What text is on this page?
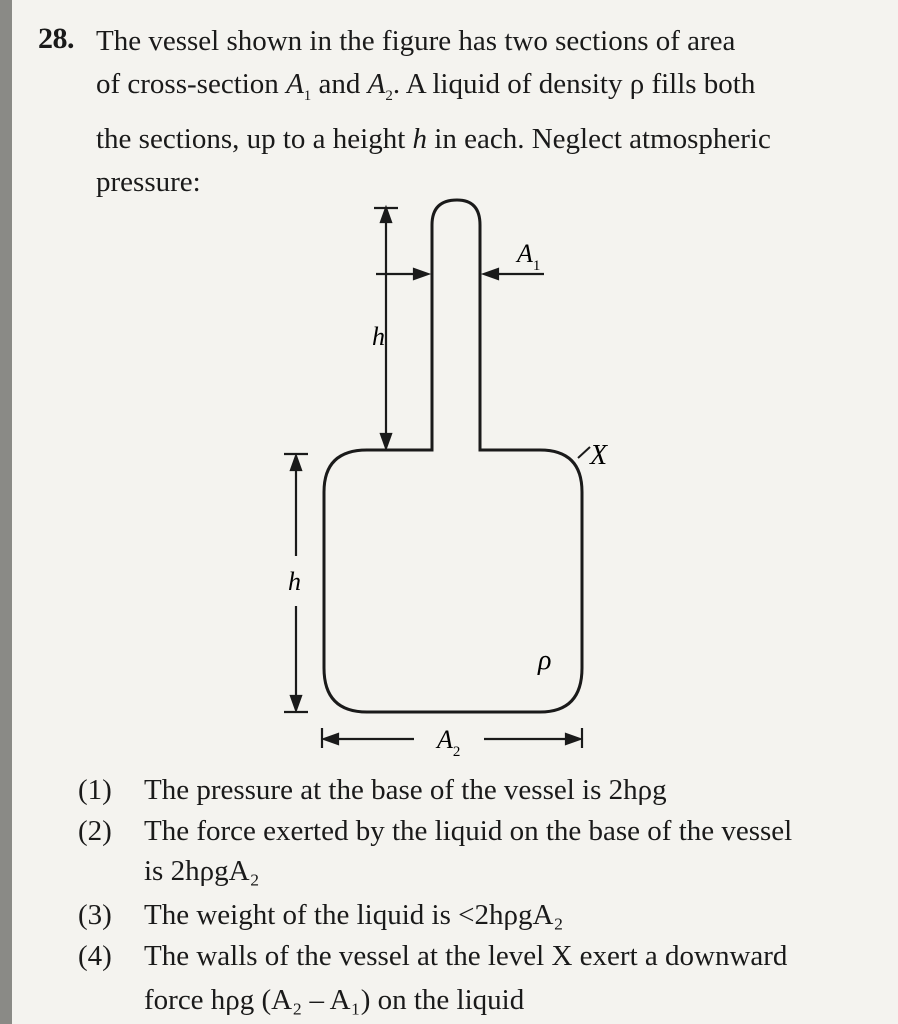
28. The vessel shown in the figure has two sections of area
of cross-section $A_1$ and $A_2$. A liquid of density ρ fills both
the sections, up to a height h in each. Neglect atmospheric
pressure:
h
$A_1$
X
h
ρ
$A_2$
(1) The pressure at the base of the vessel is 2hρg
(2) The force exerted by the liquid on the base of the vessel
is 2hρgA₂
(3) The weight of the liquid is <2hρgA₂
(4) The walls of the vessel at the level X exert a downward
force hρg (A₂ – A₁) on the liquid
